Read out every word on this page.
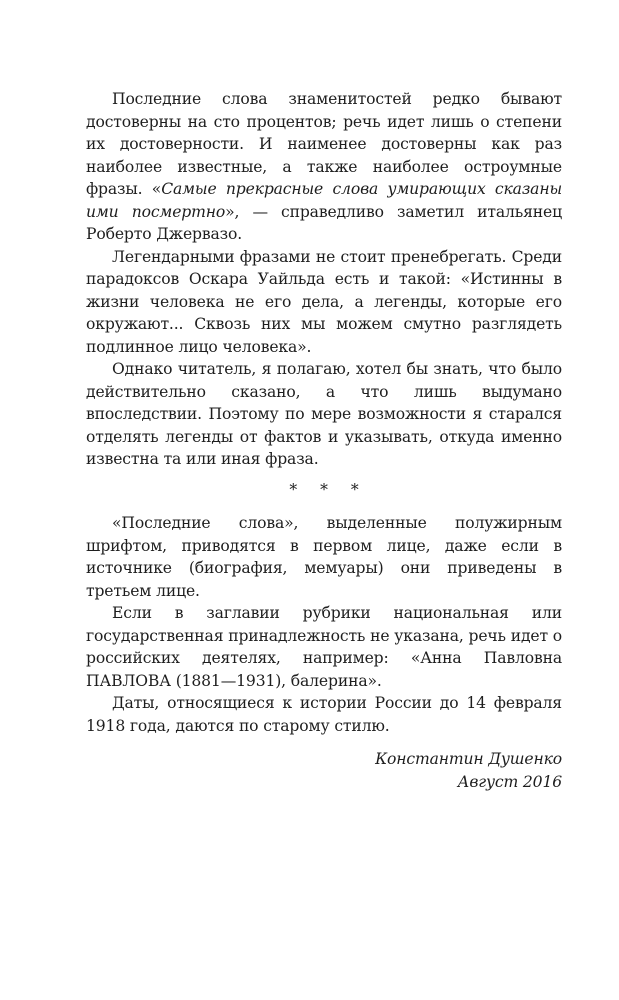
Последние слова знаменитостей редко бывают достоверны на сто процентов; речь идет лишь о степени их достоверности. И наименее достоверны как раз наиболее известные, а также наиболее остроумные фразы. «Самые прекрасные слова умирающих сказаны ими посмертно», — справедливо заметил итальянец Роберто Джервазо.

Легендарными фразами не стоит пренебрегать. Среди парадоксов Оскара Уайльда есть и такой: «Истинны в жизни человека не его дела, а легенды, которые его окружают... Сквозь них мы можем смутно разглядеть подлинное лицо человека».

Однако читатель, я полагаю, хотел бы знать, что было действительно сказано, а что лишь выдумано впоследствии. Поэтому по мере возможности я старался отделять легенды от фактов и указывать, откуда именно известна та или иная фраза.

* * *

«Последние слова», выделенные полужирным шрифтом, приводятся в первом лице, даже если в источнике (биография, мемуары) они приведены в третьем лице.

Если в заглавии рубрики национальная или государственная принадлежность не указана, речь идет о российских деятелях, например: «Анна Павловна ПАВЛОВА (1881—1931), балерина».

Даты, относящиеся к истории России до 14 февраля 1918 года, даются по старому стилю.

Константин Душенко
Август 2016
